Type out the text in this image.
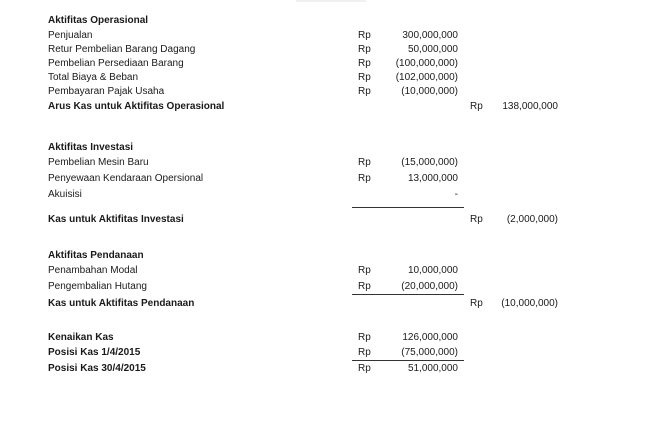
Aktifitas Operasional
Penjualan	Rp	300,000,000
Retur Pembelian Barang Dagang	Rp	50,000,000
Pembelian Persediaan Barang	Rp (100,000,000)
Total Biaya & Beban	Rp (102,000,000)
Pembayaran Pajak Usaha	Rp	(10,000,000)
Arus Kas untuk Aktifitas Operasional	Rp 138,000,000
Aktifitas Investasi
Pembelian Mesin Baru	Rp	(15,000,000)
Penyewaan Kendaraan Opersional	Rp	13,000,000
Akuisisi	-
Kas untuk Aktifitas Investasi	Rp (2,000,000)
Aktifitas Pendanaan
Penambahan Modal	Rp	10,000,000
Pengembalian Hutang	Rp	(20,000,000)
Kas untuk Aktifitas Pendanaan	Rp (10,000,000)
Kenaikan Kas	Rp	126,000,000
Posisi Kas 1/4/2015	Rp	(75,000,000)
Posisi Kas 30/4/2015	Rp	51,000,000
